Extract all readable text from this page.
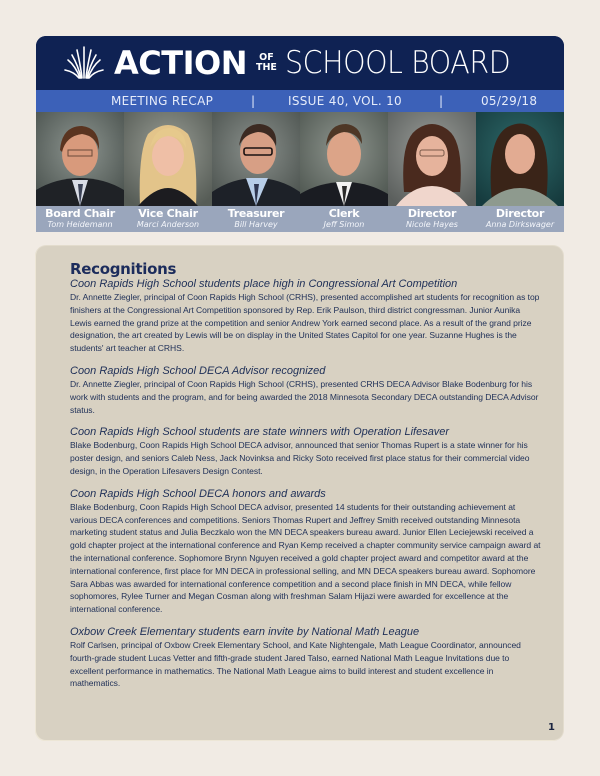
ACTION OF
THE SCHOOL BOARD
MEETING RECAP	|	ISSUE 40, VOL. 10	|	05/29/18
Board Chair
Tom Heidemann
Vice Chair
Marci Anderson
Treasurer
Bill Harvey
Clerk
Jeff Simon
Director
Nicole Hayes
Director
Anna Dirkswager
Recognitions
Coon Rapids High School students place high in Congressional Art Competition

Dr. Annette Ziegler, principal of Coon Rapids High School (CRHS), presented accomplished art students for recognition as top finishers at the Congressional Art Competition sponsored by Rep. Erik Paulson, third district congressman. Junior Aunika Lewis earned the grand prize at the competition and senior Andrew York earned second place. As a result of the grand prize designation, the art created by Lewis will be on display in the United States Capitol for one year. Suzanne Hughes is the students' art teacher at CRHS.

Coon Rapids High School DECA Advisor recognized

Dr. Annette Ziegler, principal of Coon Rapids High School (CRHS), presented CRHS DECA Advisor Blake Bodenburg for his work with students and the program, and for being awarded the 2018 Minnesota Secondary DECA outstanding DECA Advisor status.

Coon Rapids High School students are state winners with Operation Lifesaver

Blake Bodenburg, Coon Rapids High School DECA advisor, announced that senior Thomas Rupert is a state winner for his poster design, and seniors Caleb Ness, Jack Novinksa and Ricky Soto received first place status for their commercial video design, in the Operation Lifesavers Design Contest.

Coon Rapids High School DECA honors and awards

Blake Bodenburg, Coon Rapids High School DECA advisor, presented 14 students for their outstanding achievement at various DECA conferences and competitions. Seniors Thomas Rupert and Jeffrey Smith received outstanding Minnesota marketing student status and Julia Beczkalo won the MN DECA speakers bureau award. Junior Ellen Leciejewski received a gold chapter project at the international conference and Ryan Kemp received a chapter community service campaign award at the international conference. Sophomore Brynn Nguyen received a gold chapter project award and competitor award at the international conference, first place for MN DECA in professional selling, and MN DECA speakers bureau award. Sophomore Sara Abbas was awarded for international conference competition and a second place finish in MN DECA, while fellow sophomores, Rylee Turner and Megan Cosman along with freshman Salam Hijazi were awarded for excellence at the international conference.

Oxbow Creek Elementary students earn invite by National Math League

Rolf Carlsen, principal of Oxbow Creek Elementary School, and Kate Nightengale, Math League Coordinator, announced fourth-grade student Lucas Vetter and fifth-grade student Jared Talso, earned National Math League Invitations due to excellent performance in mathematics. The National Math League aims to build interest and student excellence in mathematics.

1
